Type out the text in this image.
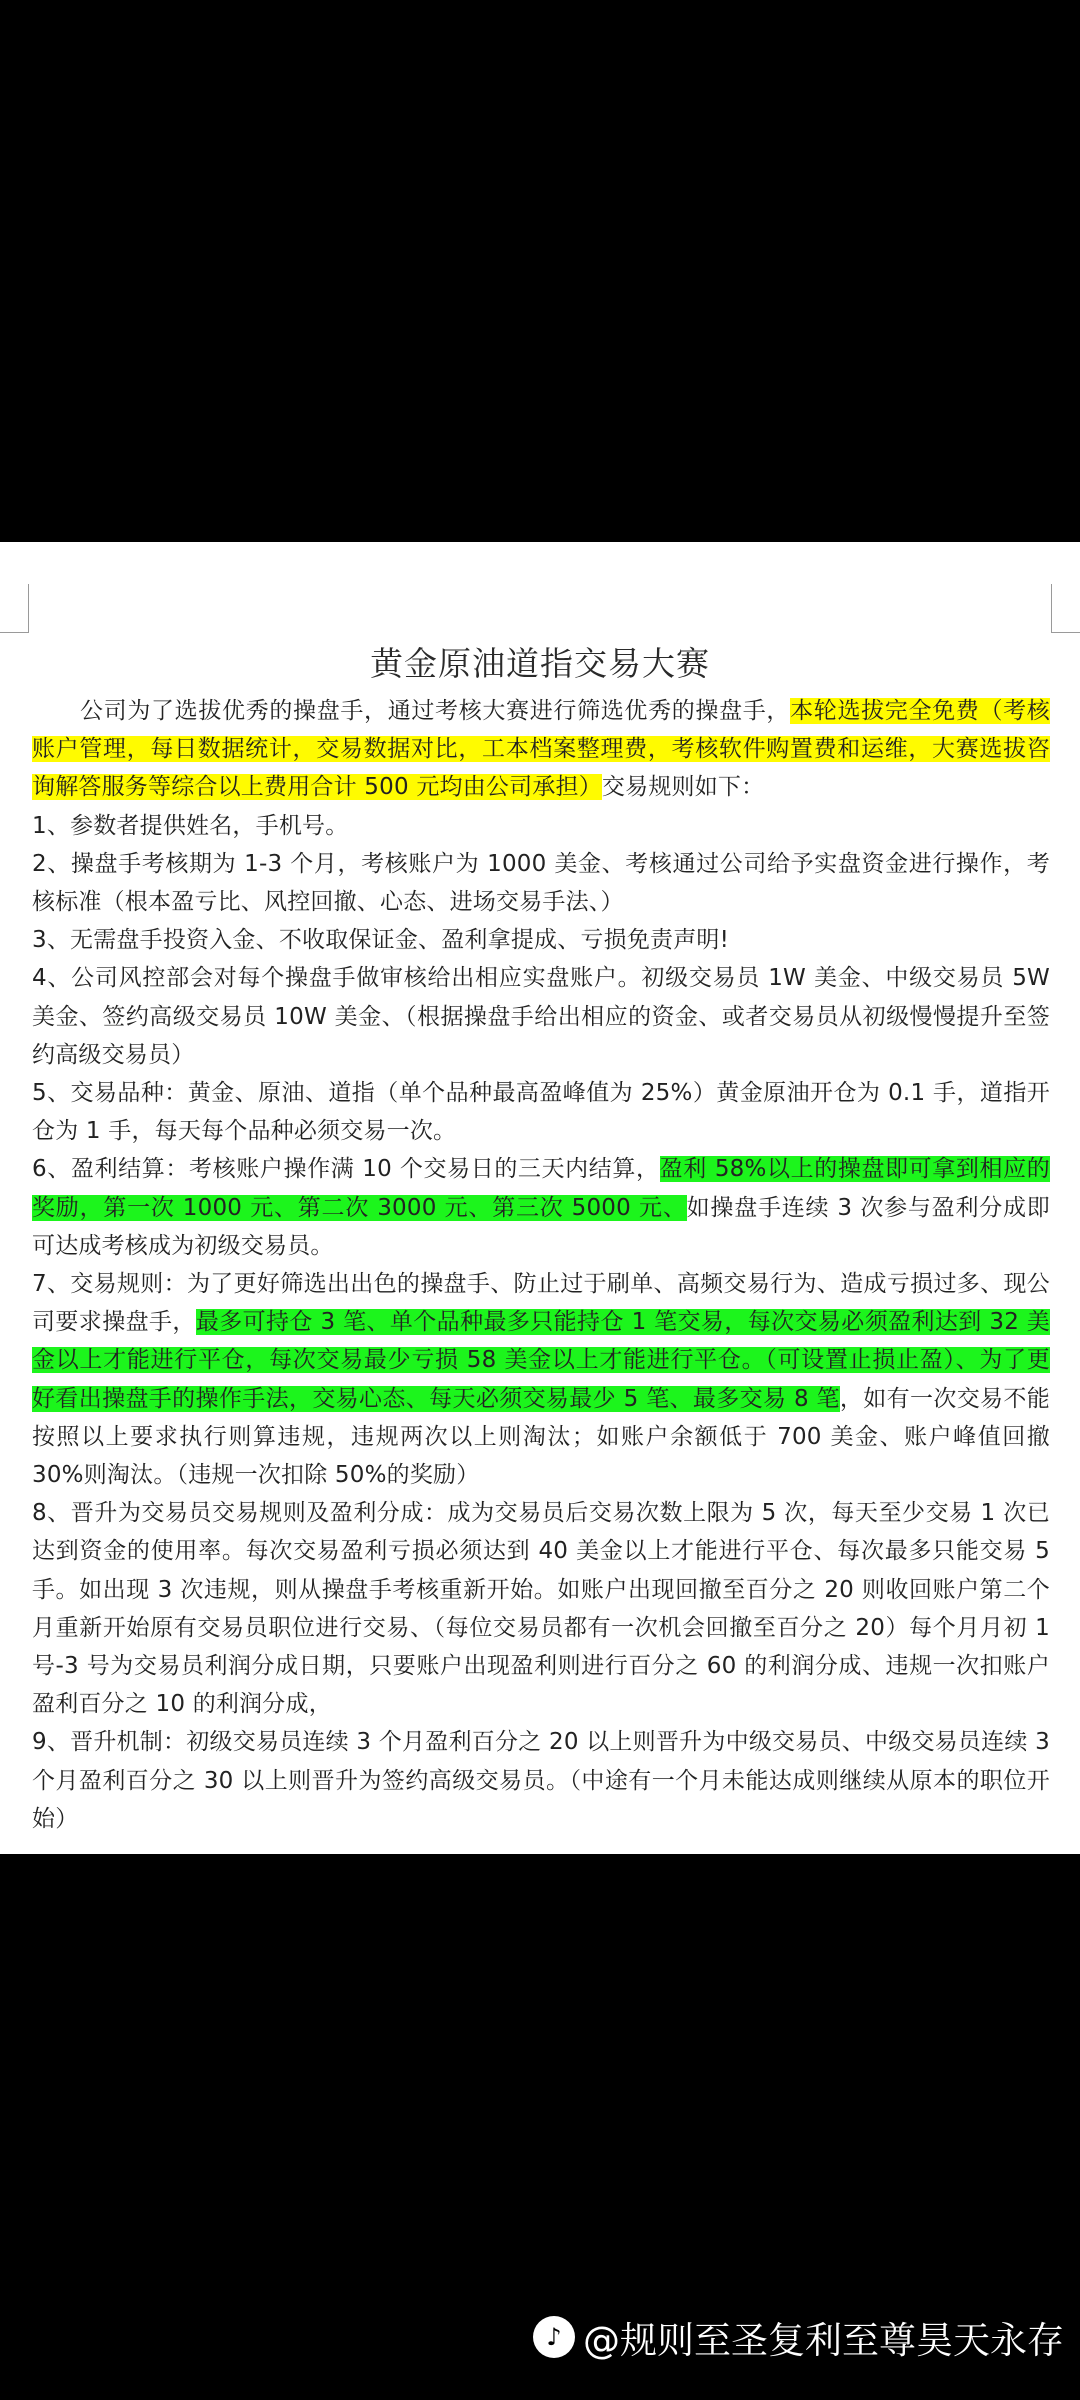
黄金原油道指交易大赛

公司为了选拔优秀的操盘手，通过考核大赛进行筛选优秀的操盘手，本轮选拔完全免费（考核账户管理，每日数据统计，交易数据对比，工本档案整理费，考核软件购置费和运维，大赛选拔咨询解答服务等综合以上费用合计 500 元均由公司承担）交易规则如下：

1、参数者提供姓名，手机号。

2、操盘手考核期为 1-3 个月，考核账户为 1000 美金、考核通过公司给予实盘资金进行操作，考核标准（根本盈亏比、风控回撤、心态、进场交易手法、）

3、无需盘手投资入金、不收取保证金、盈利拿提成、亏损免责声明!

4、公司风控部会对每个操盘手做审核给出相应实盘账户。初级交易员 1W 美金、中级交易员 5W 美金、签约高级交易员 10W 美金、（根据操盘手给出相应的资金、或者交易员从初级慢慢提升至签约高级交易员）

5、交易品种：黄金、原油、道指（单个品种最高盈峰值为 25%）黄金原油开仓为 0.1 手，道指开仓为 1 手，每天每个品种必须交易一次。

6、盈利结算：考核账户操作满 10 个交易日的三天内结算，盈利 58%以上的操盘即可拿到相应的奖励，第一次 1000 元、第二次 3000 元、第三次 5000 元、如操盘手连续 3 次参与盈利分成即可达成考核成为初级交易员。

7、交易规则：为了更好筛选出出色的操盘手、防止过于刷单、高频交易行为、造成亏损过多、现公司要求操盘手，最多可持仓 3 笔、单个品种最多只能持仓 1 笔交易，每次交易必须盈利达到 32 美金以上才能进行平仓，每次交易最少亏损 58 美金以上才能进行平仓。（可设置止损止盈）、为了更好看出操盘手的操作手法，交易心态、每天必须交易最少 5 笔、最多交易 8 笔，如有一次交易不能按照以上要求执行则算违规，违规两次以上则淘汰；如账户余额低于 700 美金、账户峰值回撤 30%则淘汰。（违规一次扣除 50%的奖励）

8、晋升为交易员交易规则及盈利分成：成为交易员后交易次数上限为 5 次，每天至少交易 1 次已达到资金的使用率。每次交易盈利亏损必须达到 40 美金以上才能进行平仓、每次最多只能交易 5 手。如出现 3 次违规，则从操盘手考核重新开始。如账户出现回撤至百分之 20 则收回账户第二个月重新开始原有交易员职位进行交易、（每位交易员都有一次机会回撤至百分之 20）每个月月初 1 号-3 号为交易员利润分成日期，只要账户出现盈利则进行百分之 60 的利润分成、违规一次扣账户盈利百分之 10 的利润分成，

9、晋升机制：初级交易员连续 3 个月盈利百分之 20 以上则晋升为中级交易员、中级交易员连续 3 个月盈利百分之 30 以上则晋升为签约高级交易员。（中途有一个月未能达成则继续从原本的职位开始）

♪ @规则至圣复利至尊昊天永存
